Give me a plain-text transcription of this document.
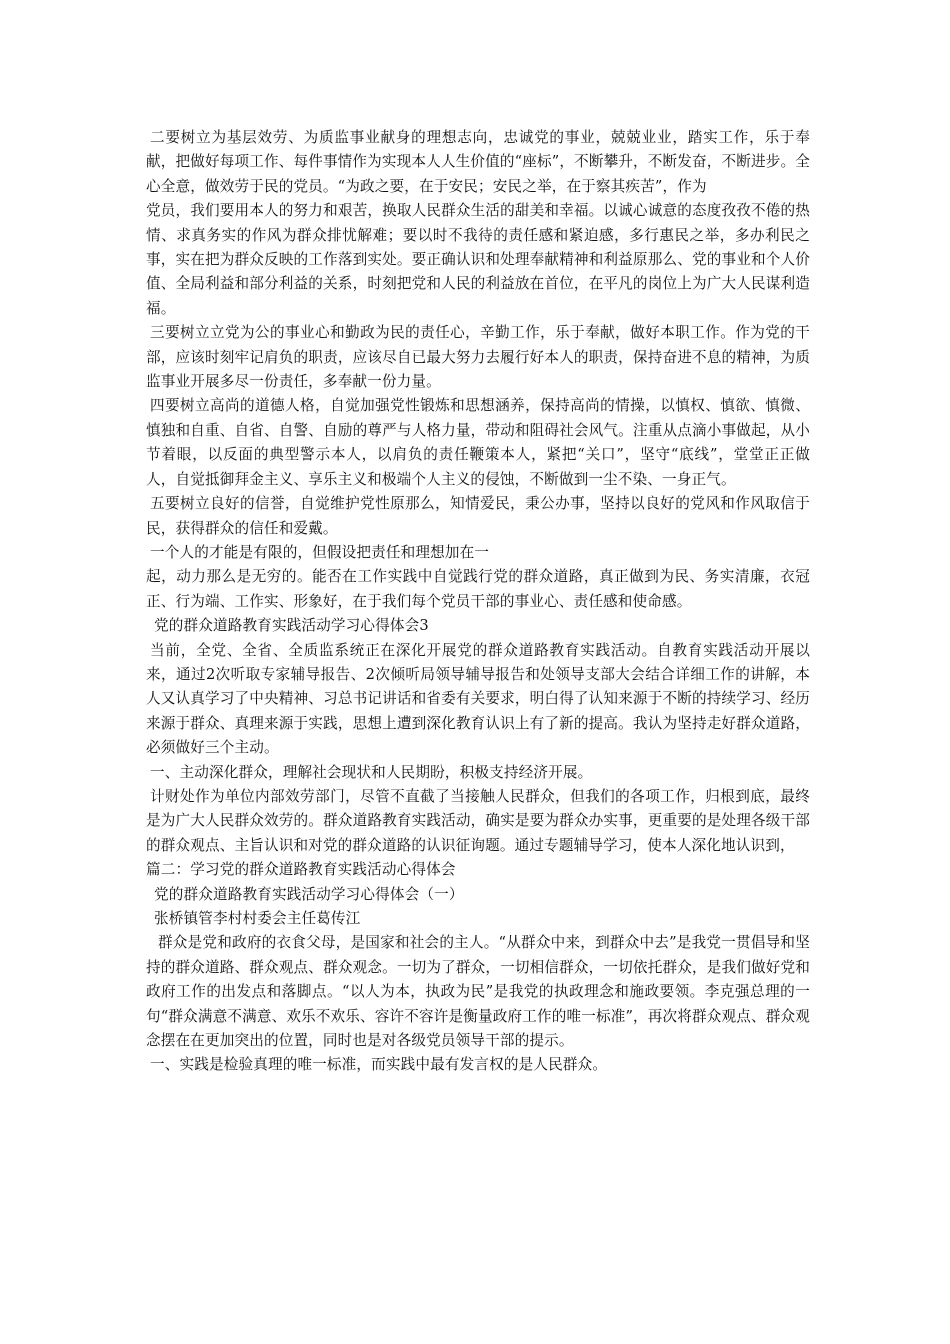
二要树立为基层效劳、为质监事业献身的理想志向，忠诚党的事业，兢兢业业，踏实工作，乐于奉献，把做好每项工作、每件事情作为实现本人人生价值的“座标”，不断攀升，不断发奋，不断进步。全心全意，做效劳于民的党员。“为政之要，在于安民；安民之举，在于察其疾苦”，作为

党员，我们要用本人的努力和艰苦，换取人民群众生活的甜美和幸福。以诚心诚意的态度孜孜不倦的热情、求真务实的作风为群众排忧解难；要以时不我待的责任感和紧迫感，多行惠民之举，多办利民之事，实在把为群众反映的工作落到实处。要正确认识和处理奉献精神和利益原那么、党的事业和个人价值、全局利益和部分利益的关系，时刻把党和人民的利益放在首位，在平凡的岗位上为广大人民谋利造福。

三要树立立党为公的事业心和勤政为民的责任心，辛勤工作，乐于奉献，做好本职工作。作为党的干部，应该时刻牢记肩负的职责，应该尽自已最大努力去履行好本人的职责，保持奋进不息的精神，为质监事业开展多尽一份责任，多奉献一份力量。

四要树立高尚的道德人格，自觉加强党性锻炼和思想涵养，保持高尚的情操，以慎权、慎欲、慎微、慎独和自重、自省、自警、自励的尊严与人格力量，带动和阻碍社会风气。注重从点滴小事做起，从小节着眼，以反面的典型警示本人，以肩负的责任鞭策本人，紧把“关口”，坚守“底线”，堂堂正正做人，自觉抵御拜金主义、享乐主义和极端个人主义的侵蚀，不断做到一尘不染、一身正气。

五要树立良好的信誉，自觉维护党性原那么，知情爱民，秉公办事，坚持以良好的党风和作风取信于民，获得群众的信任和爱戴。

一个人的才能是有限的，但假设把责任和理想加在一

起，动力那么是无穷的。能否在工作实践中自觉践行党的群众道路，真正做到为民、务实清廉，衣冠正、行为端、工作实、形象好，在于我们每个党员干部的事业心、责任感和使命感。

党的群众道路教育实践活动学习心得体会3

当前，全党、全省、全质监系统正在深化开展党的群众道路教育实践活动。自教育实践活动开展以来，通过2次听取专家辅导报告、2次倾听局领导辅导报告和处领导支部大会结合详细工作的讲解，本人又认真学习了中央精神、习总书记讲话和省委有关要求，明白得了认知来源于不断的持续学习、经历来源于群众、真理来源于实践，思想上遭到深化教育认识上有了新的提高。我认为坚持走好群众道路，必须做好三个主动。

一、主动深化群众，理解社会现状和人民期盼，积极支持经济开展。

计财处作为单位内部效劳部门，尽管不直截了当接触人民群众，但我们的各项工作，归根到底，最终是为广大人民群众效劳的。群众道路教育实践活动，确实是要为群众办实事，更重要的是处理各级干部的群众观点、主旨认识和对党的群众道路的认识征询题。通过专题辅导学习，使本人深化地认识到，

篇二：学习党的群众道路教育实践活动心得体会

党的群众道路教育实践活动学习心得体会（一）

张桥镇管李村村委会主任葛传江

群众是党和政府的衣食父母，是国家和社会的主人。“从群众中来，到群众中去”是我党一贯倡导和坚持的群众道路、群众观点、群众观念。一切为了群众，一切相信群众，一切依托群众，是我们做好党和政府工作的出发点和落脚点。“以人为本，执政为民”是我党的执政理念和施政要领。李克强总理的一句“群众满意不满意、欢乐不欢乐、容许不容许是衡量政府工作的唯一标准”，再次将群众观点、群众观念摆在在更加突出的位置，同时也是对各级党员领导干部的提示。

一、实践是检验真理的唯一标准，而实践中最有发言权的是人民群众。
